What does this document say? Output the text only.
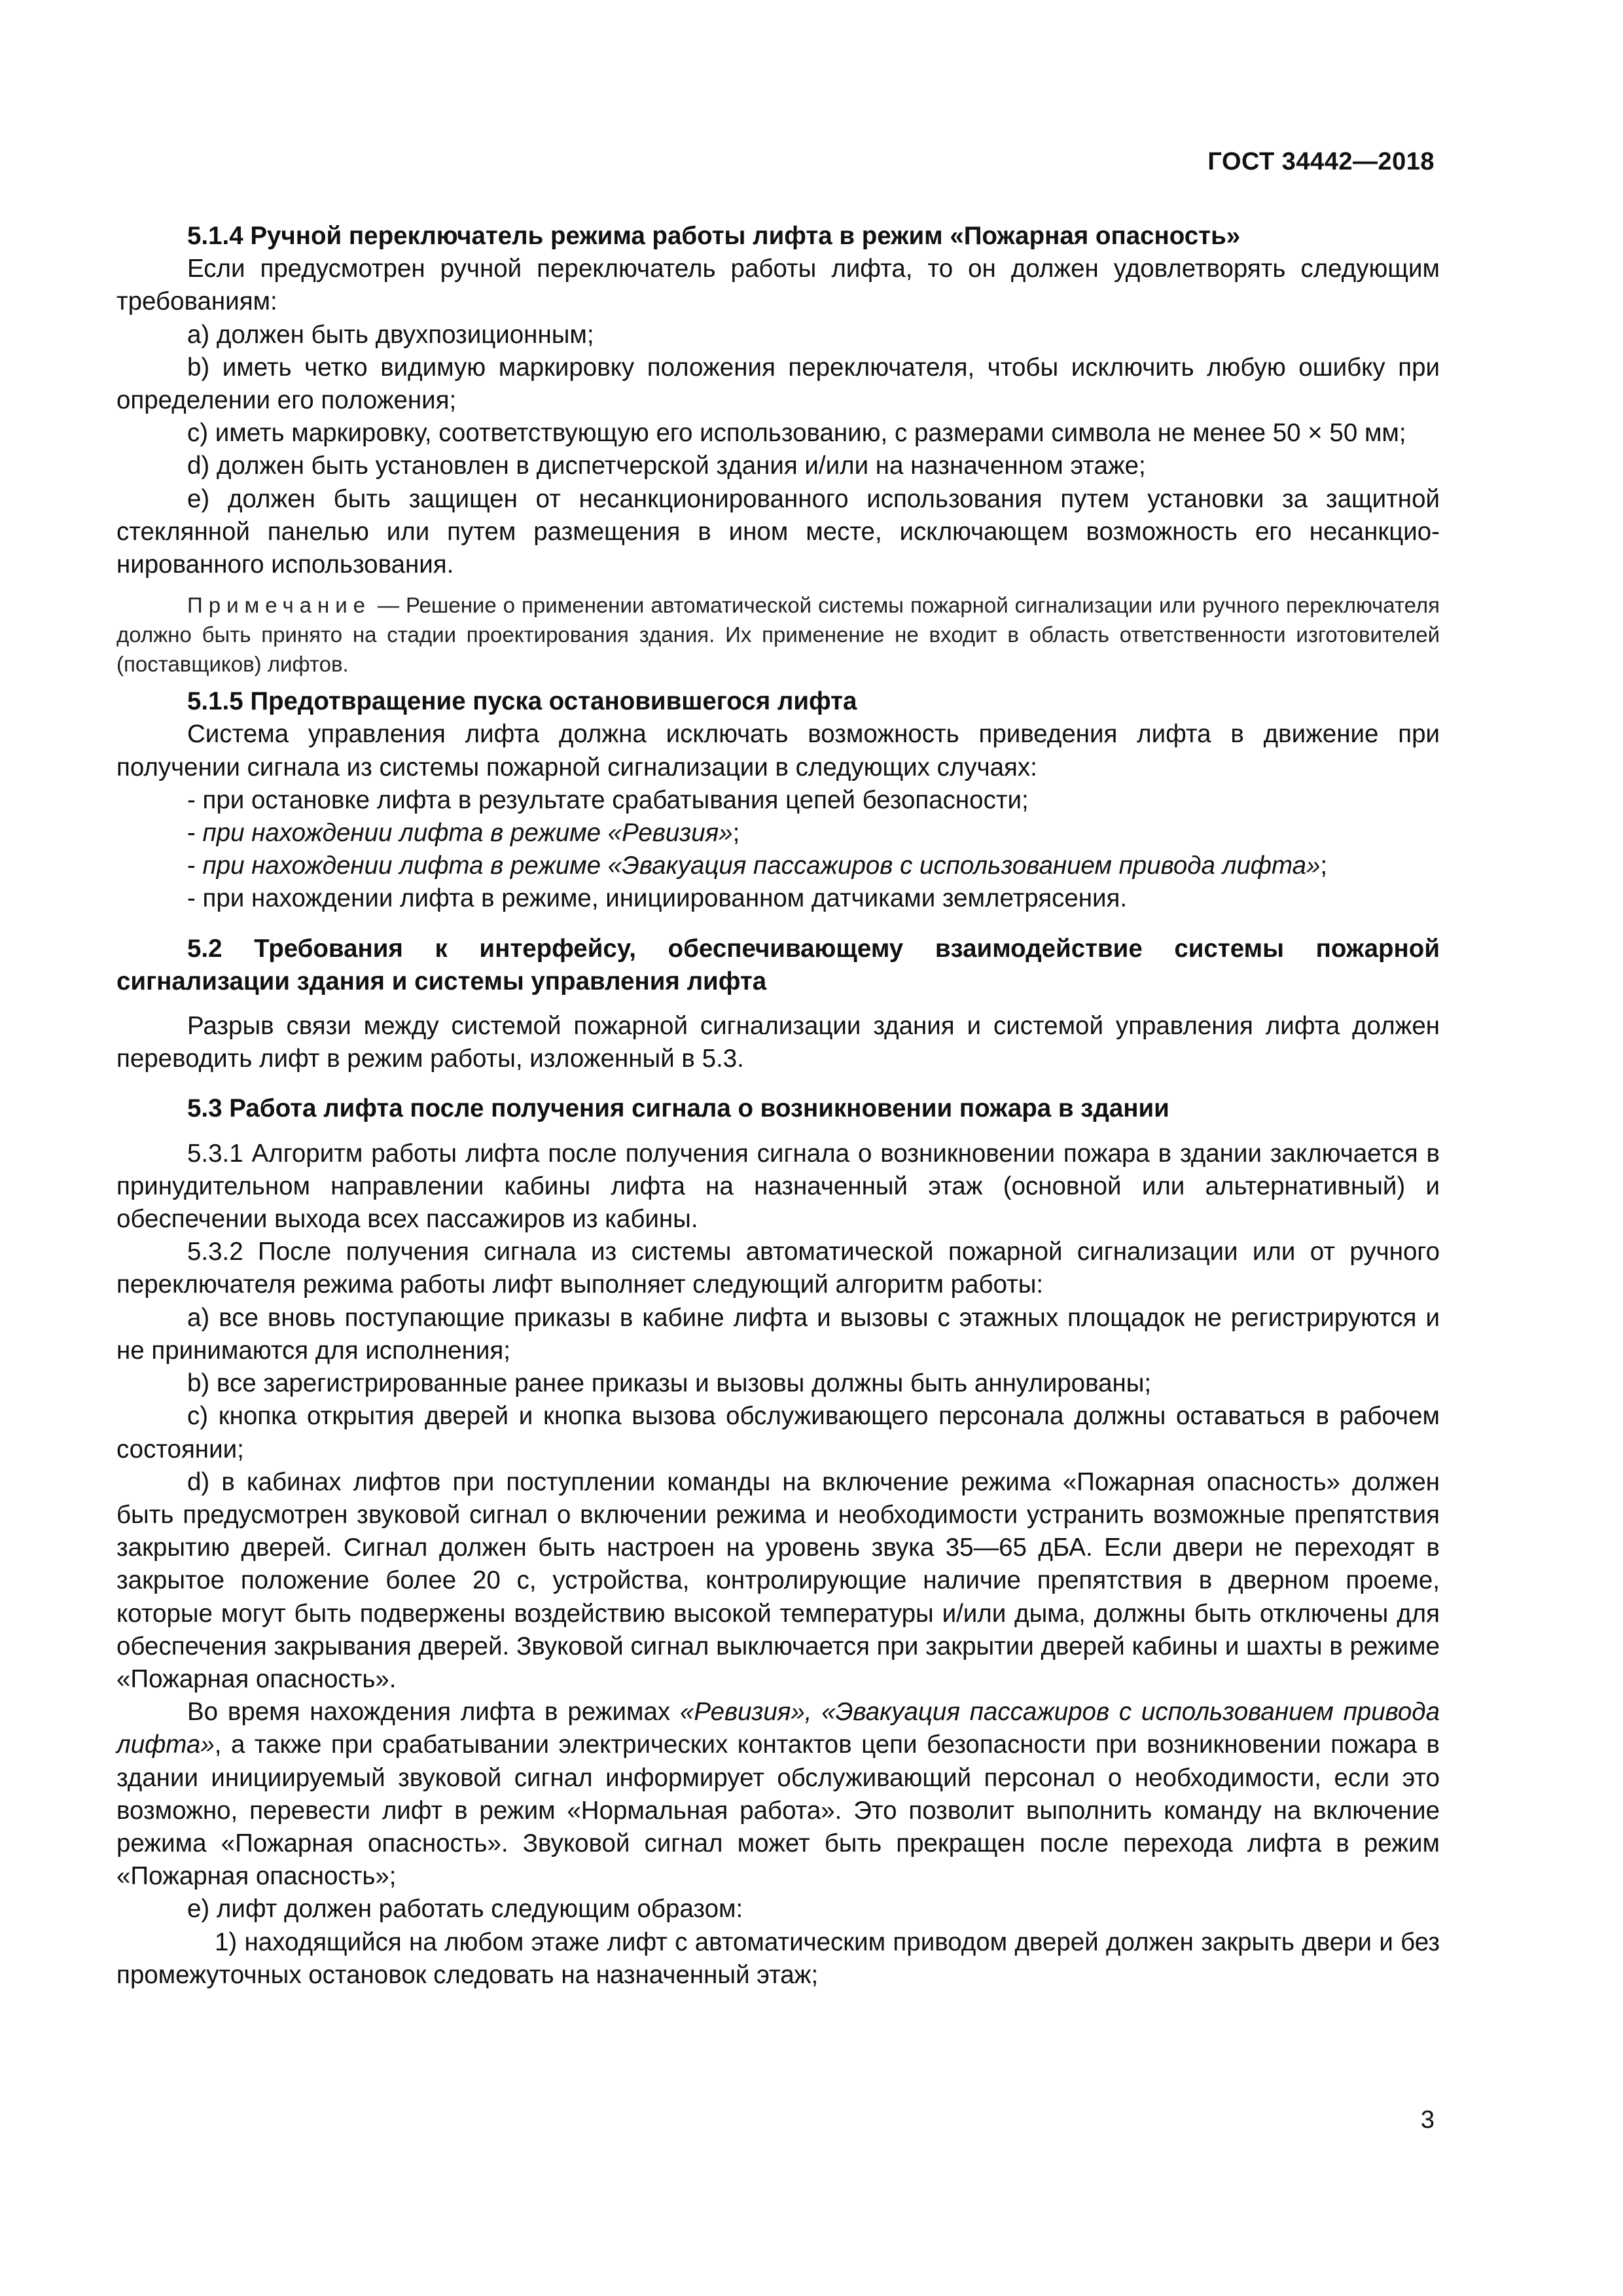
ГОСТ 34442—2018

5.1.4 Ручной переключатель режима работы лифта в режим «Пожарная опасность»

Если предусмотрен ручной переключатель работы лифта, то он должен удовлетворять следующим требованиям:

a) должен быть двухпозиционным;

b) иметь четко видимую маркировку положения переключателя, чтобы исключить любую ошибку при определении его положения;

c) иметь маркировку, соответствующую его использованию, с размерами символа не менее 50 × 50 мм;

d) должен быть установлен в диспетчерской здания и/или на назначенном этаже;

e) должен быть защищен от несанкционированного использования путем установки за защитной стеклянной панелью или путем размещения в ином месте, исключающем возможность его несанкционированного использования.

Примечание — Решение о применении автоматической системы пожарной сигнализации или ручного переключателя должно быть принято на стадии проектирования здания. Их применение не входит в область ответственности изготовителей (поставщиков) лифтов.

5.1.5 Предотвращение пуска остановившегося лифта

Система управления лифта должна исключать возможность приведения лифта в движение при получении сигнала из системы пожарной сигнализации в следующих случаях:

- при остановке лифта в результате срабатывания цепей безопасности;

- при нахождении лифта в режиме «Ревизия»;

- при нахождении лифта в режиме «Эвакуация пассажиров с использованием привода лифта»;

- при нахождении лифта в режиме, инициированном датчиками землетрясения.

5.2 Требования к интерфейсу, обеспечивающему взаимодействие системы пожарной сигнализации здания и системы управления лифта

Разрыв связи между системой пожарной сигнализации здания и системой управления лифта должен переводить лифт в режим работы, изложенный в 5.3.

5.3 Работа лифта после получения сигнала о возникновении пожара в здании

5.3.1 Алгоритм работы лифта после получения сигнала о возникновении пожара в здании заключается в принудительном направлении кабины лифта на назначенный этаж (основной или альтернативный) и обеспечении выхода всех пассажиров из кабины.

5.3.2 После получения сигнала из системы автоматической пожарной сигнализации или от ручного переключателя режима работы лифт выполняет следующий алгоритм работы:

a) все вновь поступающие приказы в кабине лифта и вызовы с этажных площадок не регистрируются и не принимаются для исполнения;

b) все зарегистрированные ранее приказы и вызовы должны быть аннулированы;

c) кнопка открытия дверей и кнопка вызова обслуживающего персонала должны оставаться в рабочем состоянии;

d) в кабинах лифтов при поступлении команды на включение режима «Пожарная опасность» должен быть предусмотрен звуковой сигнал о включении режима и необходимости устранить возможные препятствия закрытию дверей. Сигнал должен быть настроен на уровень звука 35—65 дБА. Если двери не переходят в закрытое положение более 20 с, устройства, контролирующие наличие препятствия в дверном проеме, которые могут быть подвержены воздействию высокой температуры и/или дыма, должны быть отключены для обеспечения закрывания дверей. Звуковой сигнал выключается при закрытии дверей кабины и шахты в режиме «Пожарная опасность».

Во время нахождения лифта в режимах «Ревизия», «Эвакуация пассажиров с использованием привода лифта», а также при срабатывании электрических контактов цепи безопасности при возникновении пожара в здании инициируемый звуковой сигнал информирует обслуживающий персонал о необходимости, если это возможно, перевести лифт в режим «Нормальная работа». Это позволит выполнить команду на включение режима «Пожарная опасность». Звуковой сигнал может быть прекращен после перехода лифта в режим «Пожарная опасность»;

e) лифт должен работать следующим образом:

1) находящийся на любом этаже лифт с автоматическим приводом дверей должен закрыть двери и без промежуточных остановок следовать на назначенный этаж;

3
